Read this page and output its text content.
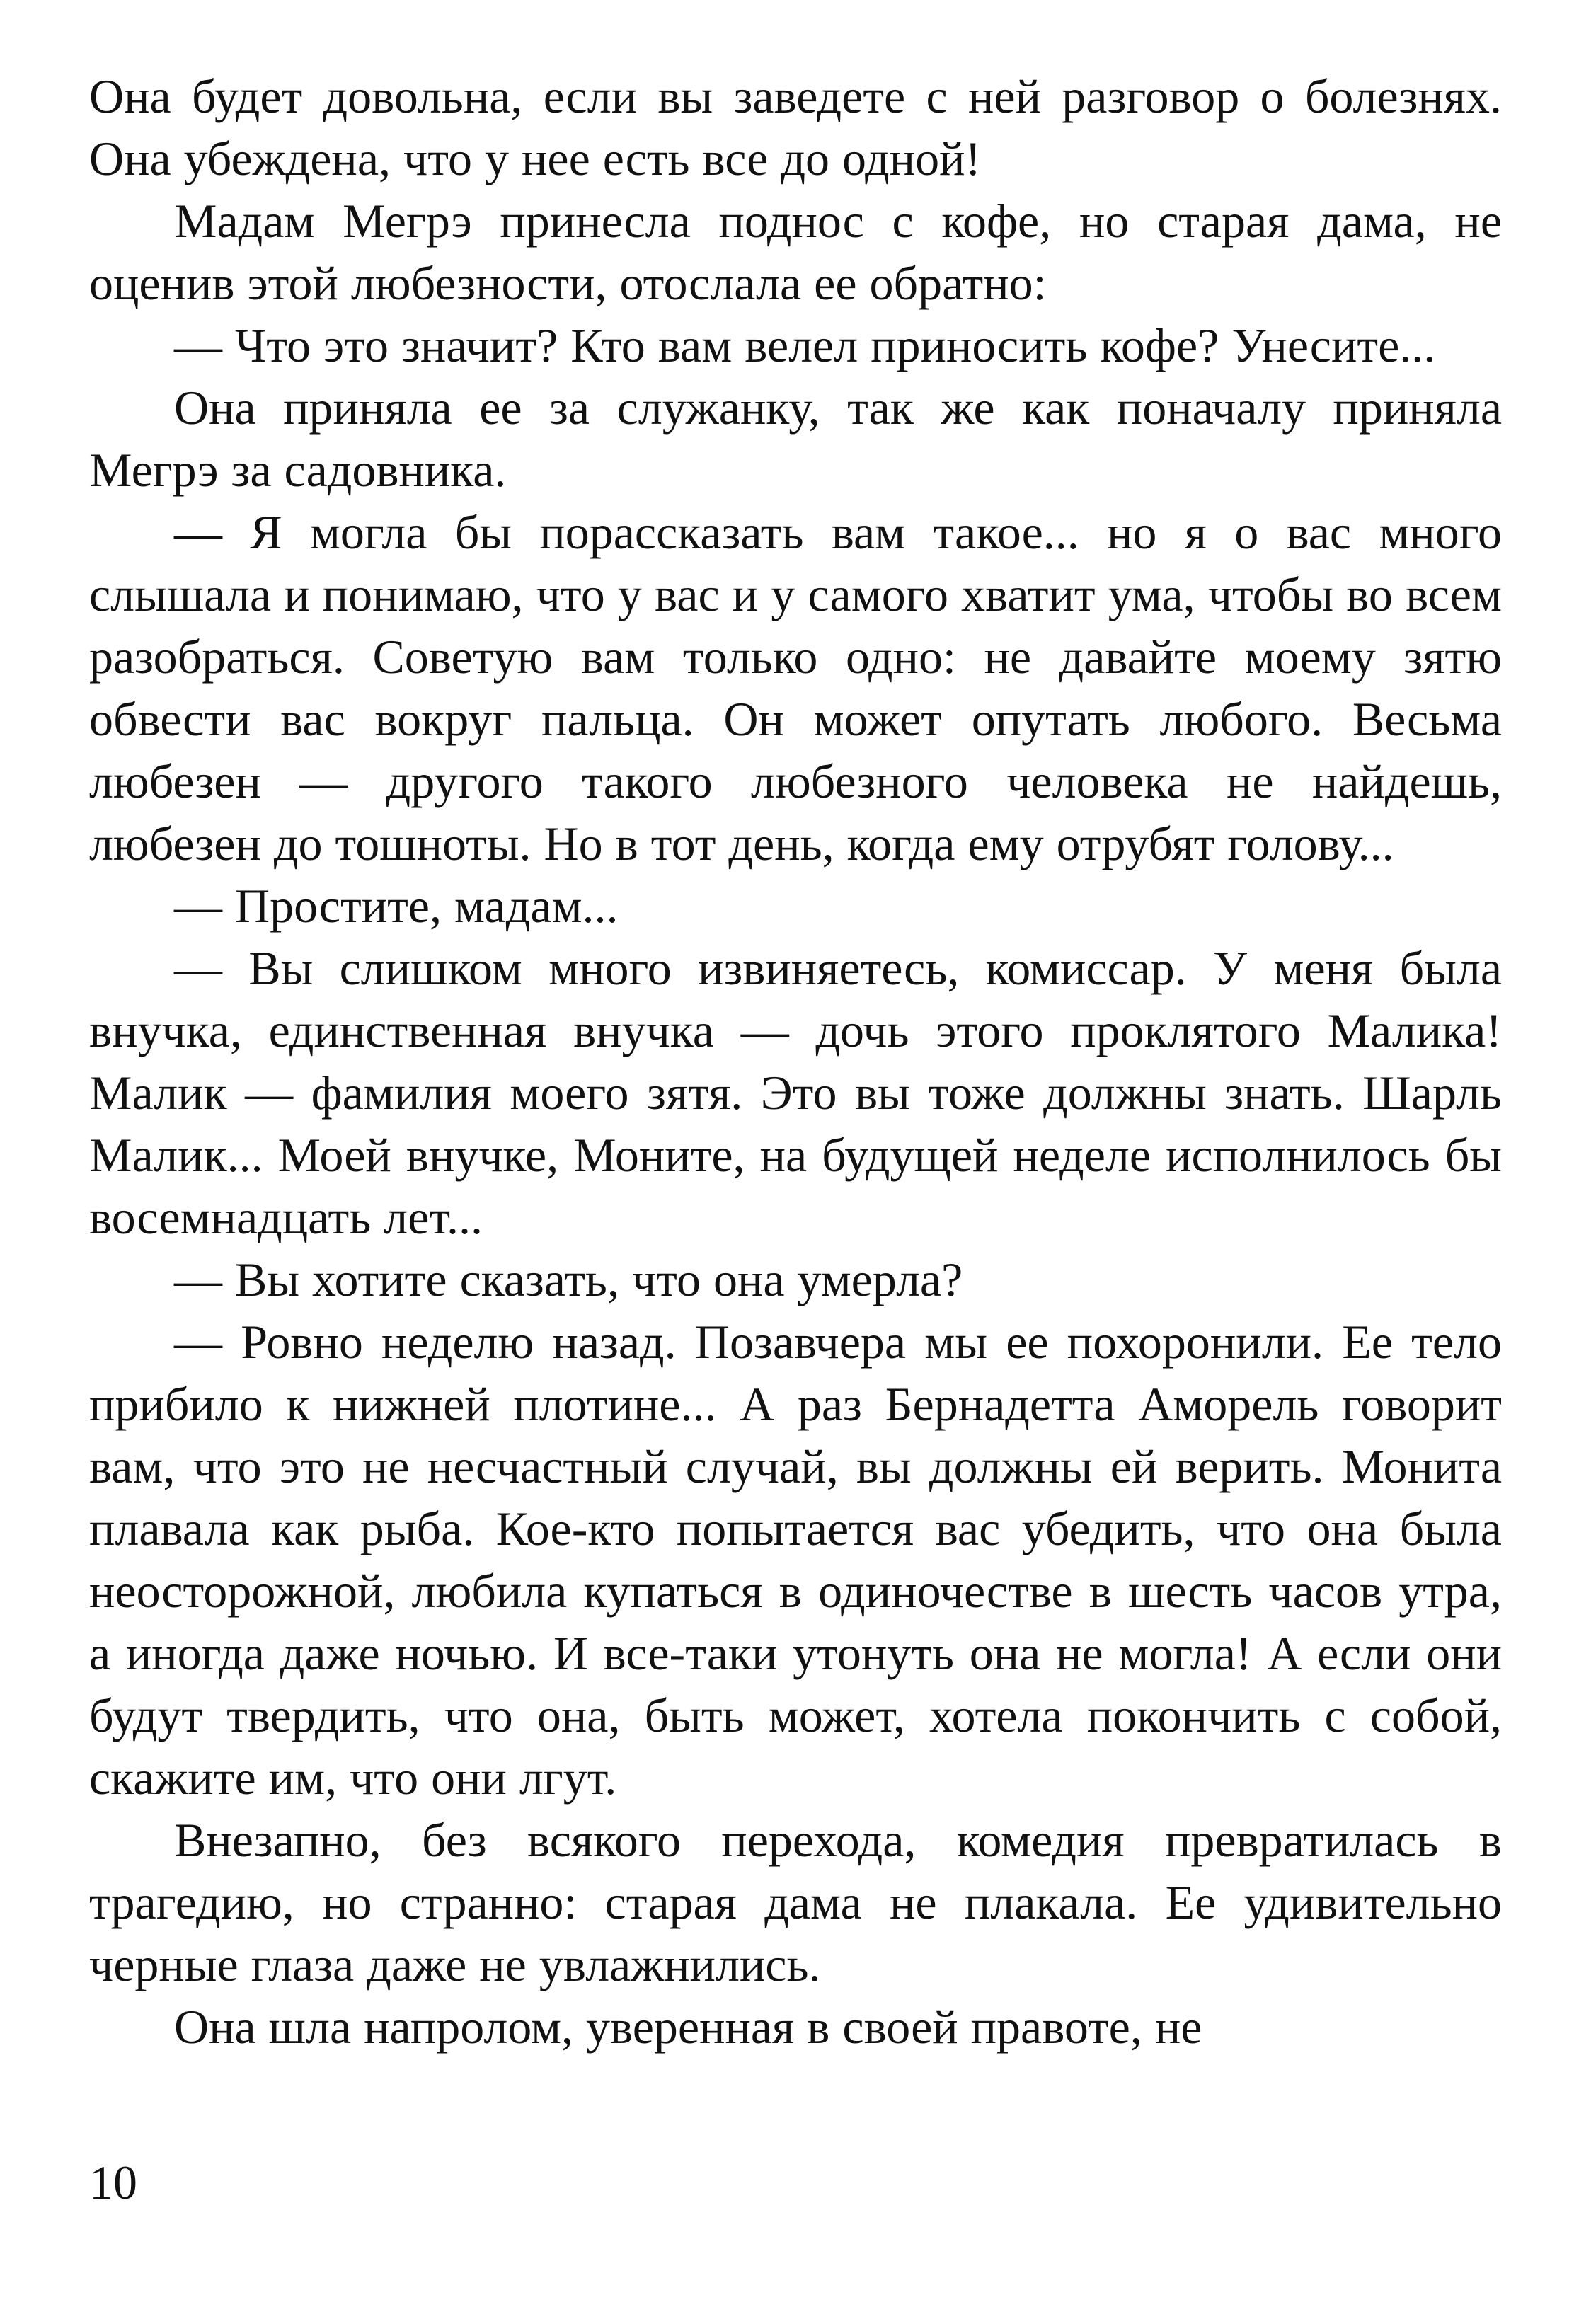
Она будет довольна, если вы заведете с ней разговор о болезнях. Она убеждена, что у нее есть все до одной!

Мадам Мегрэ принесла поднос с кофе, но старая дама, не оценив этой любезности, отослала ее обратно:

— Что это значит? Кто вам велел приносить кофе? Унесите...

Она приняла ее за служанку, так же как поначалу приняла Мегрэ за садовника.

— Я могла бы порассказать вам такое... но я о вас много слышала и понимаю, что у вас и у самого хватит ума, чтобы во всем разобраться. Советую вам только одно: не давайте моему зятю обвести вас вокруг пальца. Он может опутать любого. Весьма любезен — другого такого любезного человека не найдешь, любезен до тошноты. Но в тот день, когда ему отрубят голову...

— Простите, мадам...

— Вы слишком много извиняетесь, комиссар. У меня была внучка, единственная внучка — дочь этого проклятого Малика! Малик — фамилия моего зятя. Это вы тоже должны знать. Шарль Малик... Моей внучке, Моните, на будущей неделе исполнилось бы восемнадцать лет...

— Вы хотите сказать, что она умерла?

— Ровно неделю назад. Позавчера мы ее похоронили. Ее тело прибило к нижней плотине... А раз Бернадетта Аморель говорит вам, что это не несчастный случай, вы должны ей верить. Монита плавала как рыба. Кое-кто попытается вас убедить, что она была неосторожной, любила купаться в одиночестве в шесть часов утра, а иногда даже ночью. И все-таки утонуть она не могла! А если они будут твердить, что она, быть может, хотела покончить с собой, скажите им, что они лгут.

Внезапно, без всякого перехода, комедия превратилась в трагедию, но странно: старая дама не плакала. Ее удивительно черные глаза даже не увлажнились.

Она шла напролом, уверенная в своей правоте, не

10
